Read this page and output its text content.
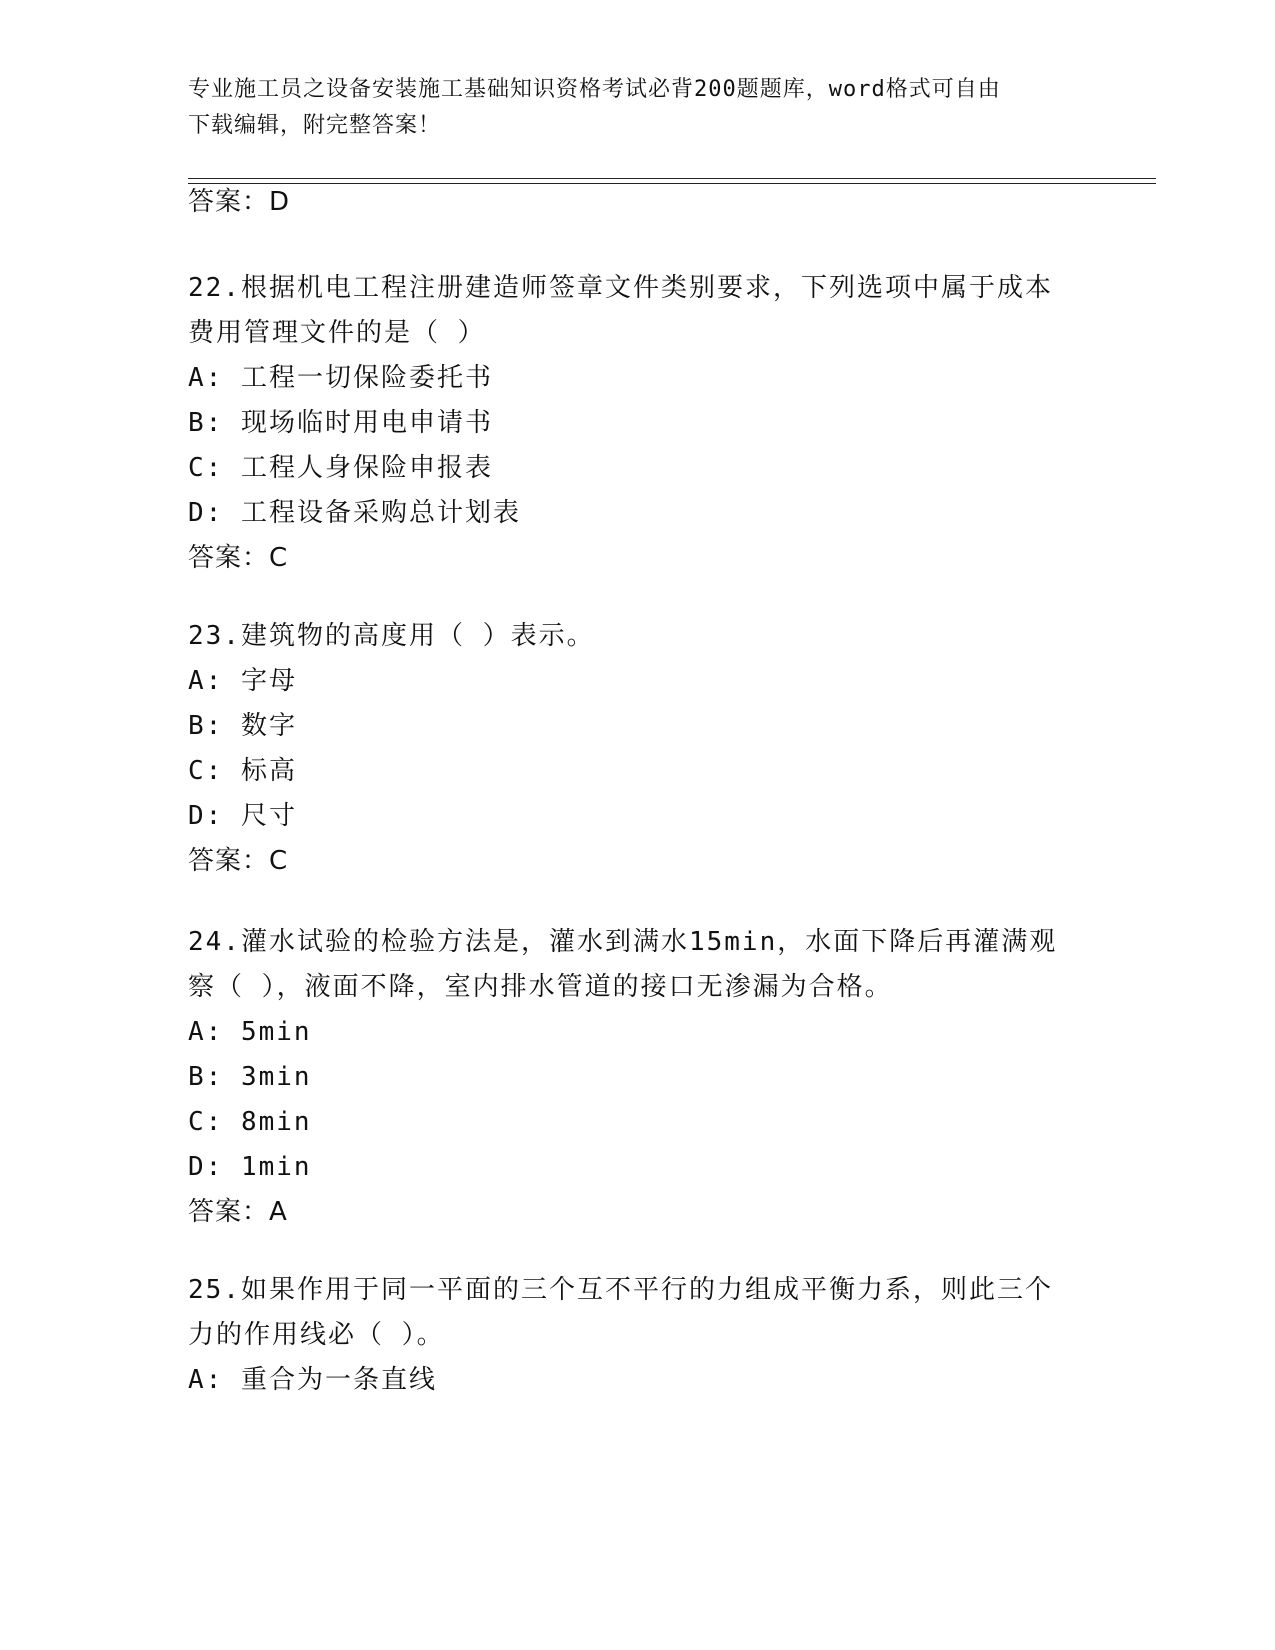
专业施工员之设备安装施工基础知识资格考试必背200题题库，word格式可自由
下载编辑，附完整答案！
答案：D
22.根据机电工程注册建造师签章文件类别要求，下列选项中属于成本
费用管理文件的是（ ）
A: 工程一切保险委托书
B: 现场临时用电申请书
C: 工程人身保险申报表
D: 工程设备采购总计划表
答案：C
23.建筑物的高度用（ ）表示。
A: 字母
B: 数字
C: 标高
D: 尺寸
答案：C
24.灌水试验的检验方法是，灌水到满水15min，水面下降后再灌满观
察（ ），液面不降，室内排水管道的接口无渗漏为合格。
A: 5min
B: 3min
C: 8min
D: 1min
答案：A
25.如果作用于同一平面的三个互不平行的力组成平衡力系，则此三个
力的作用线必（ ）。
A: 重合为一条直线
